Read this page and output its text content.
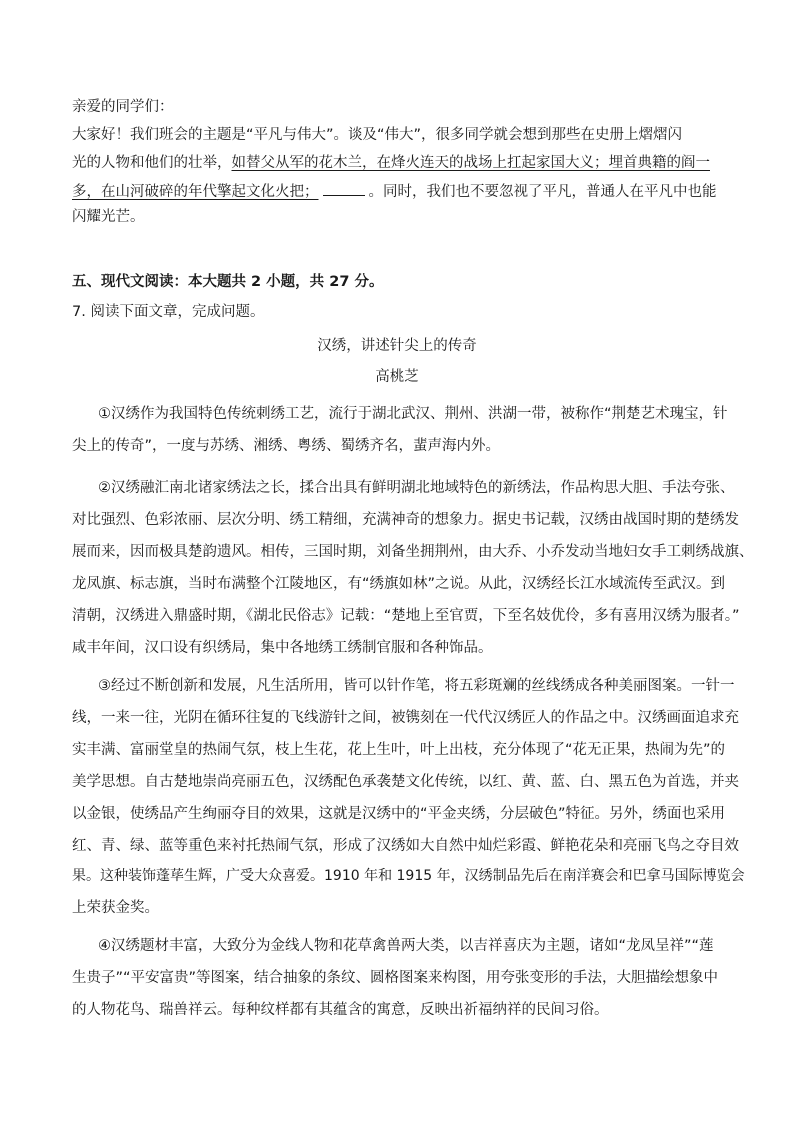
亲爱的同学们：
大家好！我们班会的主题是“平凡与伟大”。谈及“伟大”，很多同学就会想到那些在史册上熠熠闪
光的人物和他们的壮举，如替父从军的花木兰，在烽火连天的战场上扛起家国大义；埋首典籍的阎一
多，在山河破碎的年代擎起文化火把；	。同时，我们也不要忽视了平凡，普通人在平凡中也能
闪耀光芒。
五、现代文阅读：本大题共 2 小题，共 27 分。
7. 阅读下面文章，完成问题。
汉绣，讲述针尖上的传奇
高桃芝
①汉绣作为我国特色传统刺绣工艺，流行于湖北武汉、荆州、洪湖一带，被称作“荆楚艺术瑰宝，针
尖上的传奇”，一度与苏绣、湘绣、粤绣、蜀绣齐名，蜚声海内外。
②汉绣融汇南北诸家绣法之长，揉合出具有鲜明湖北地域特色的新绣法，作品构思大胆、手法夸张、
对比强烈、色彩浓丽、层次分明、绣工精细，充满神奇的想象力。据史书记载，汉绣由战国时期的楚绣发
展而来，因而极具楚韵遗风。相传，三国时期，刘备坐拥荆州，由大乔、小乔发动当地妇女手工刺绣战旗、
龙凤旗、标志旗，当时布满整个江陵地区，有“绣旗如林”之说。从此，汉绣经长江水域流传至武汉。到
清朝，汉绣进入鼎盛时期，《湖北民俗志》记载：“楚地上至官贾，下至名妓优伶，多有喜用汉绣为服者。”
咸丰年间，汉口设有织绣局，集中各地绣工绣制官服和各种饰品。
③经过不断创新和发展，凡生活所用，皆可以针作笔，将五彩斑斓的丝线绣成各种美丽图案。一针一
线，一来一往，光阴在循环往复的飞线游针之间，被镌刻在一代代汉绣匠人的作品之中。汉绣画面追求充
实丰满、富丽堂皇的热闹气氛，枝上生花，花上生叶，叶上出枝，充分体现了“花无正果，热闹为先”的
美学思想。自古楚地崇尚亮丽五色，汉绣配色承袭楚文化传统，以红、黄、蓝、白、黑五色为首选，并夹
以金银，使绣品产生绚丽夺目的效果，这就是汉绣中的“平金夹绣，分层破色”特征。另外，绣面也采用
红、青、绿、蓝等重色来衬托热闹气氛，形成了汉绣如大自然中灿烂彩霞、鲜艳花朵和亮丽飞鸟之夺目效
果。这种装饰蓬荜生辉，广受大众喜爱。1910 年和 1915 年，汉绣制品先后在南洋赛会和巴拿马国际博览会
上荣获金奖。
④汉绣题材丰富，大致分为金线人物和花草禽兽两大类，以吉祥喜庆为主题，诸如“龙凤呈祥”“莲
生贵子”“平安富贵”等图案，结合抽象的条纹、圆格图案来构图，用夸张变形的手法，大胆描绘想象中
的人物花鸟、瑞兽祥云。每种纹样都有其蕴含的寓意，反映出祈福纳祥的民间习俗。
